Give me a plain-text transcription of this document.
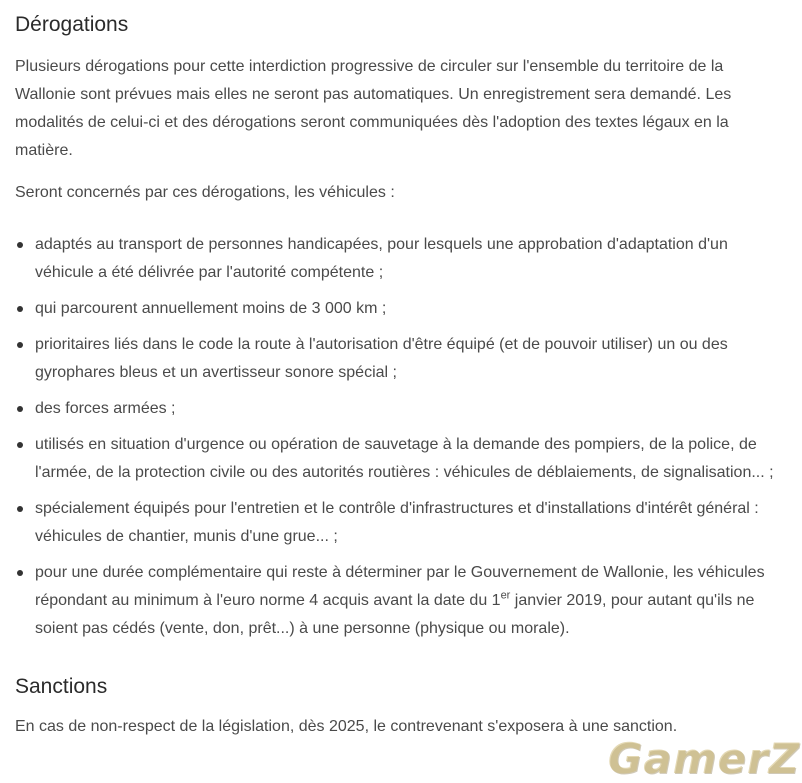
Dérogations

Plusieurs dérogations pour cette interdiction progressive de circuler sur l'ensemble du territoire de la Wallonie sont prévues mais elles ne seront pas automatiques. Un enregistrement sera demandé. Les modalités de celui-ci et des dérogations seront communiquées dès l'adoption des textes légaux en la matière.

Seront concernés par ces dérogations, les véhicules :

adaptés au transport de personnes handicapées, pour lesquels une approbation d'adaptation d'un véhicule a été délivrée par l'autorité compétente ;
qui parcourent annuellement moins de 3 000 km ;
prioritaires liés dans le code la route à l'autorisation d'être équipé (et de pouvoir utiliser) un ou des gyrophares bleus et un avertisseur sonore spécial ;
des forces armées ;
utilisés en situation d'urgence ou opération de sauvetage à la demande des pompiers, de la police, de l'armée, de la protection civile ou des autorités routières : véhicules de déblaiements, de signalisation... ;
spécialement équipés pour l'entretien et le contrôle d'infrastructures et d'installations d'intérêt général : véhicules de chantier, munis d'une grue... ;
pour une durée complémentaire qui reste à déterminer par le Gouvernement de Wallonie, les véhicules répondant au minimum à l'euro norme 4 acquis avant la date du 1er janvier 2019, pour autant qu'ils ne soient pas cédés (vente, don, prêt...) à une personne (physique ou morale).
Sanctions

En cas de non-respect de la législation, dès 2025, le contrevenant s'exposera à une sanction.

GamerZ
